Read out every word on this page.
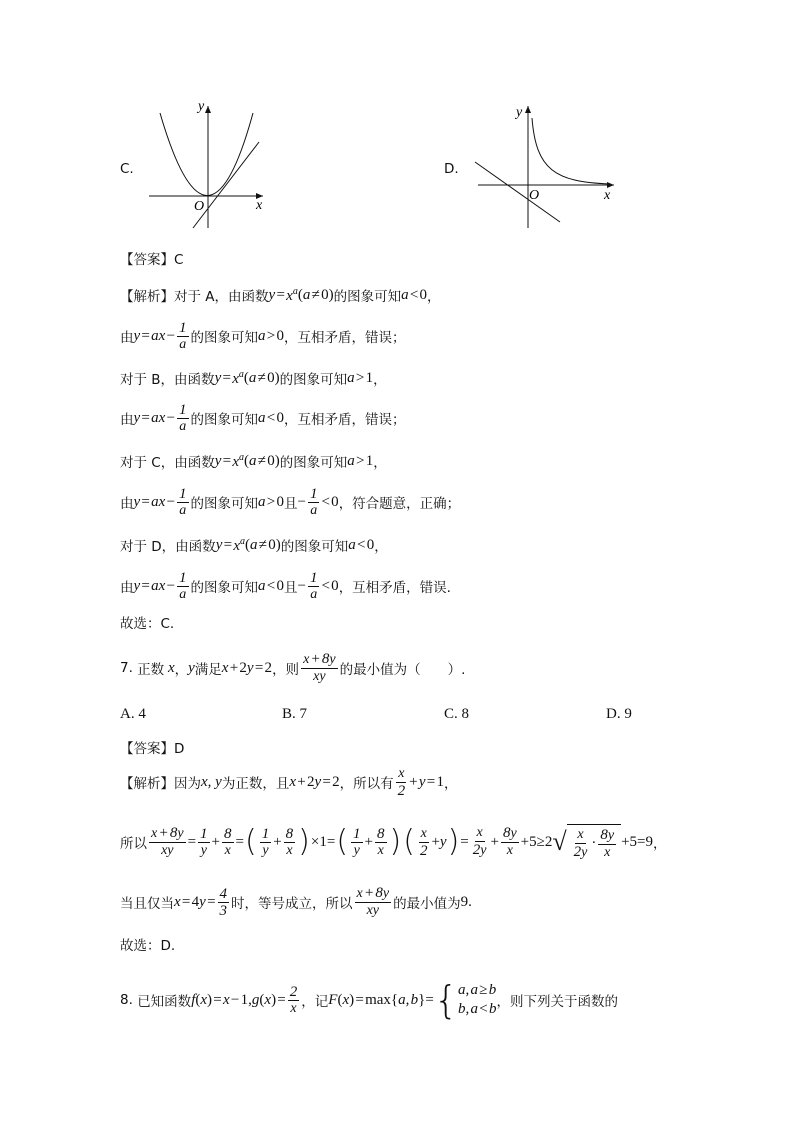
C.
y
x
O
D.
y
x
O
【答案】C
【解析】 对于 A，由函数 y  =  $x^a$ ( a  ≠ 0) 的图象可知 a  < 0 ，
由 y  =  ax  − $\frac{1}{a}$ 的图象可知 a  > 0 ，互相矛盾，错误；
对于 B，由函数 y  =  $x^a$ ( a  ≠ 0) 的图象可知 a  > 1 ，
由 y  =  ax  − $\frac{1}{a}$ 的图象可知 a  < 0 ，互相矛盾，错误；
对于 C，由函数 y  =  $x^a$ ( a  ≠ 0) 的图象可知 a  > 1 ，
由 y  =  ax  − $\frac{1}{a}$ 的图象可知 a  > 0 且 − $\frac{1}{a}$ < 0 ，符合题意，正确；
对于 D，由函数 y  =  $x^a$ ( a  ≠ 0) 的图象可知 a  < 0 ，
由 y  =  ax  − $\frac{1}{a}$ 的图象可知 a  < 0 且 − $\frac{1}{a}$ < 0 ，互相矛盾，错误.
故选：C.
7.
正数 x ， y 满足 x  + 2 y  = 2 ，则 $\frac{x + 8y}{xy}$ 的最小值为（　　）.
A. 4	B. 7	C. 8	D. 9
【答案】D
【解析】 因为 x, y 为正数，且 x  + 2 y  = 2 ，所以有 $\frac{x}{2}$ +  y  = 1 ，
所以 $\frac{x + 8y}{xy} = \frac{1}{y} + \frac{8}{x}$ = ( $\frac{1}{y} + \frac{8}{x}$ ) ×1= ( $\frac{1}{y} + \frac{8}{x}$ ) ( $\frac{x}{2} + y$ ) = $\frac{x}{2y} + \frac{8y}{x} +5\ge 2$ √ $\frac{x}{2y} \cdot \frac{8y}{x} +5=9$ ，
当且仅当 x  = 4 y  = $\frac{4}{3}$ 时，等号成立，所以 $\frac{x + 8y}{xy}$ 的最小值为 9.
故选：D.
8.
已知函数 f ( x ) =  x  − 1, g ( x ) = $\frac{2}{x}$ ，记 F ( x ) = max { a ,  b }= { a, a ≥ b
b, a < b ，则下列关于函数的
